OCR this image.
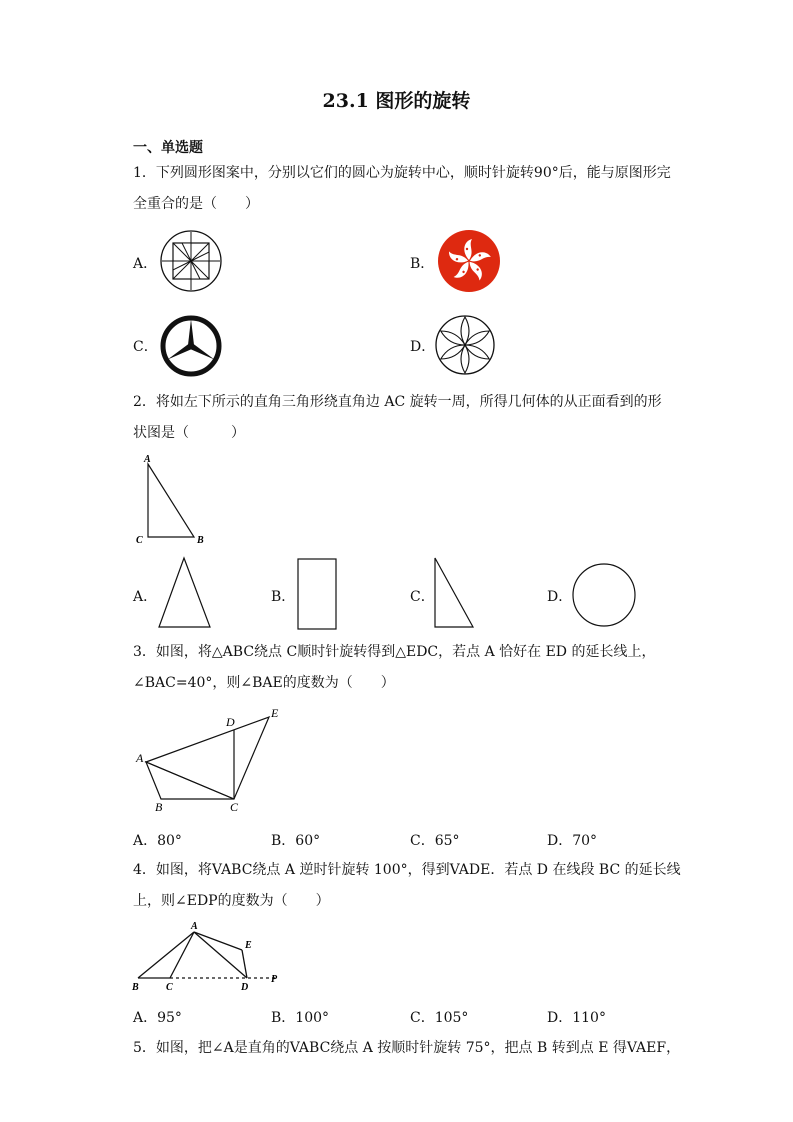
23.1 图形的旋转
一、单选题
1．下列圆形图案中，分别以它们的圆心为旋转中心，顺时针旋转90°后，能与原图形完
全重合的是（　　）
A．	B．
C．	D．
2．将如左下所示的直角三角形绕直角边 AC 旋转一周，所得几何体的从正面看到的形
状图是（　　　）
A
C	B
A．	B．	C．	D．
3．如图，将△ABC绕点 C顺时针旋转得到△EDC，若点 A 恰好在 ED 的延长线上，
∠BAC=40°，则∠BAE的度数为（　　）
A
B	C
D
E
A．80°	B．60°	C．65°	D．70°
4．如图，将VABC绕点 A 逆时针旋转 100°，得到VADE．若点 D 在线段 BC 的延长线
上，则∠EDP的度数为（　　）
A
B	C	D
E
P
A．95°	B．100°	C．105°	D．110°
5．如图，把∠A是直角的VABC绕点 A 按顺时针旋转 75°，把点 B 转到点 E 得VAEF，
